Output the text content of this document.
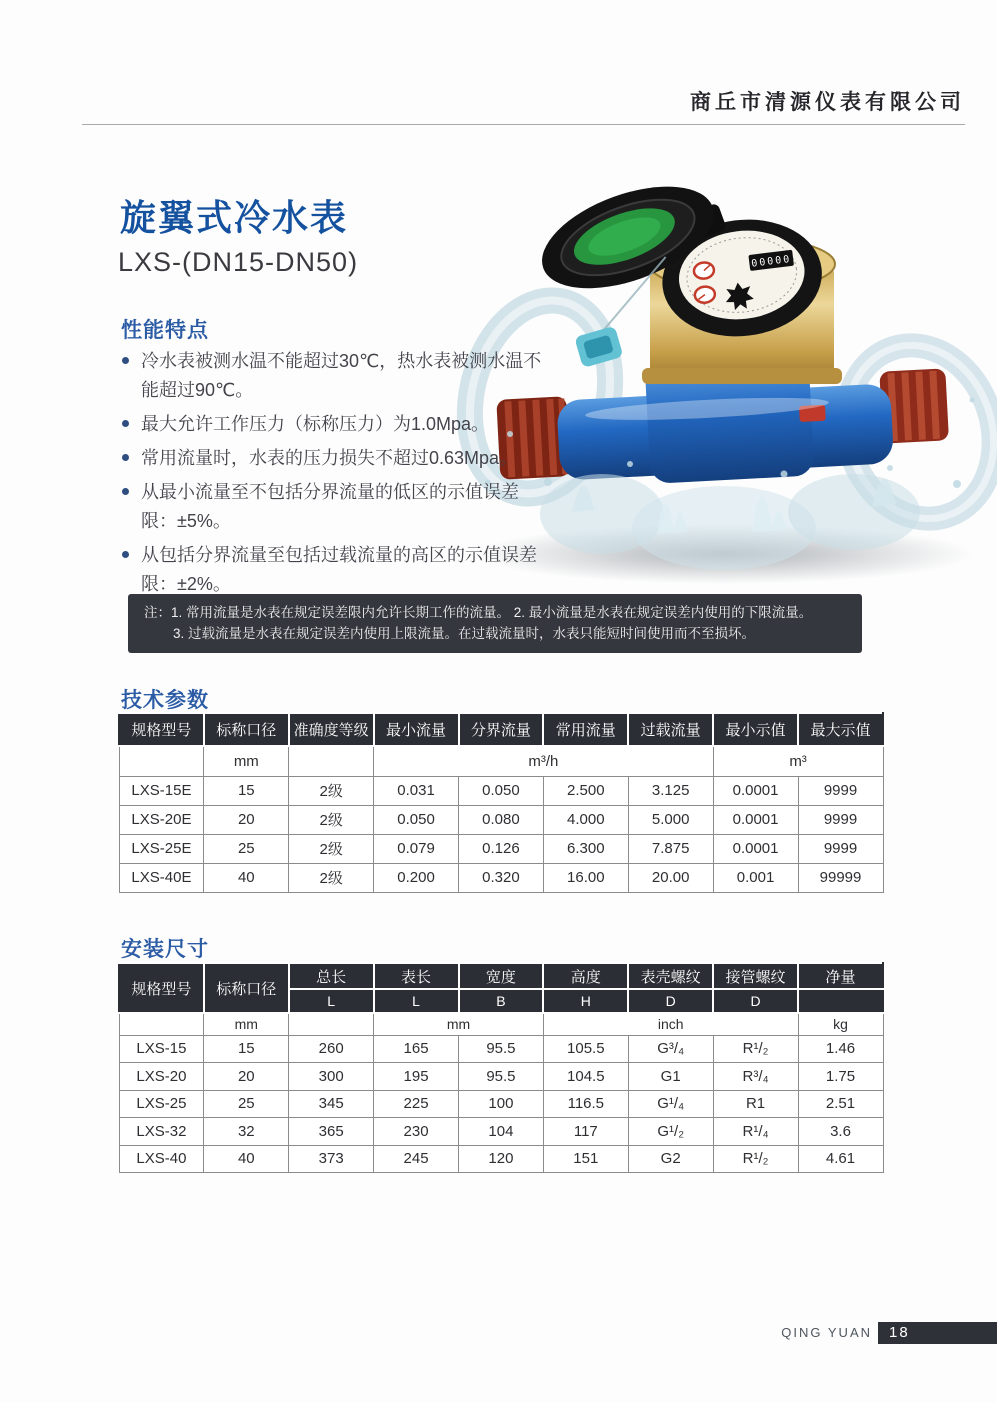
商丘市清源仪表有限公司
旋翼式冷水表
LXS-(DN15-DN50)	00000
性能特点
冷水表被测水温不能超过30℃，热水表被测水温不能超过90℃。
最大允许工作压力（标称压力）为1.0Mpa。
常用流量时，水表的压力损失不超过0.63Mpa。
从最小流量至不包括分界流量的低区的示值误差限：±5%。
从包括分界流量至包括过载流量的高区的示值误差限：±2%。
注：1. 常用流量是水表在规定误差限内允许长期工作的流量。 2. 最小流量是水表在规定误差内使用的下限流量。
3. 过载流量是水表在规定误差内使用上限流量。在过载流量时，水表只能短时间使用而不至损坏。
技术参数
规格型号	标称口径	准确度等级	最小流量	分界流量	常用流量	过载流量	最小示值	最大示值
	mm		m³/h				m³	
LXS-15E	15	2级	0.031	0.050	2.500	3.125	0.0001	9999
LXS-20E	20	2级	0.050	0.080	4.000	5.000	0.0001	9999
LXS-25E	25	2级	0.079	0.126	6.300	7.875	0.0001	9999
LXS-40E	40	2级	0.200	0.320	16.00	20.00	0.001	99999
安装尺寸
规格型号	标称口径	总长	表长	宽度	高度	表壳螺纹	接管螺纹	净量
		L	L	B	H	D	D	
	mm		mm		inch			kg
LXS-15	15	260	165	95.5	105.5	G³/₄	R¹/₂	1.46
LXS-20	20	300	195	95.5	104.5	G1	R³/₄	1.75
LXS-25	25	345	225	100	116.5	G¹/₄	R1	2.51
LXS-32	32	365	230	104	117	G¹/₂	R¹/₄	3.6
LXS-40	40	373	245	120	151	G2	R¹/₂	4.61
QING YUAN	18
